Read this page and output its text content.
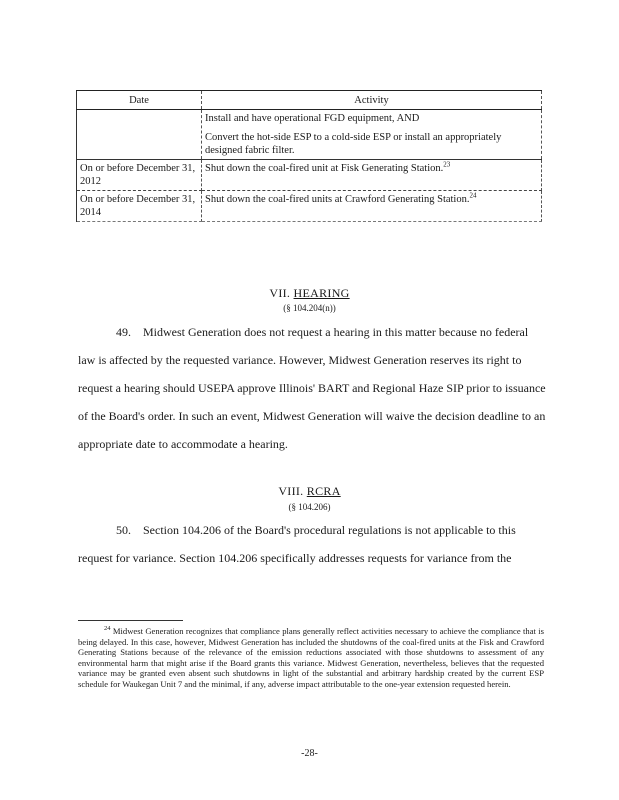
Date	Activity

	Install and have operational FGD equipment, AND
Convert the hot-side ESP to a cold-side ESP or install an appropriately designed fabric filter.

On or before December 31, 2012	Shut down the coal-fired unit at Fisk Generating Station.$^{23}$
On or before December 31, 2014	Shut down the coal-fired units at Crawford Generating Station.$^{24}$
VII. HEARING
(§ 104.204(n))

49. Midwest Generation does not request a hearing in this matter because no federal law is affected by the requested variance. However, Midwest Generation reserves its right to request a hearing should USEPA approve Illinois' BART and Regional Haze SIP prior to issuance of the Board's order. In such an event, Midwest Generation will waive the decision deadline to an appropriate date to accommodate a hearing.

VIII. RCRA
(§ 104.206)

50. Section 104.206 of the Board's procedural regulations is not applicable to this request for variance. Section 104.206 specifically addresses requests for variance from the

$^{24}$ Midwest Generation recognizes that compliance plans generally reflect activities necessary to achieve the compliance that is being delayed. In this case, however, Midwest Generation has included the shutdowns of the coal-fired units at the Fisk and Crawford Generating Stations because of the relevance of the emission reductions associated with those shutdowns to assessment of any environmental harm that might arise if the Board grants this variance. Midwest Generation, nevertheless, believes that the requested variance may be granted even absent such shutdowns in light of the substantial and arbitrary hardship created by the current ESP schedule for Waukegan Unit 7 and the minimal, if any, adverse impact attributable to the one-year extension requested herein.

-28-
